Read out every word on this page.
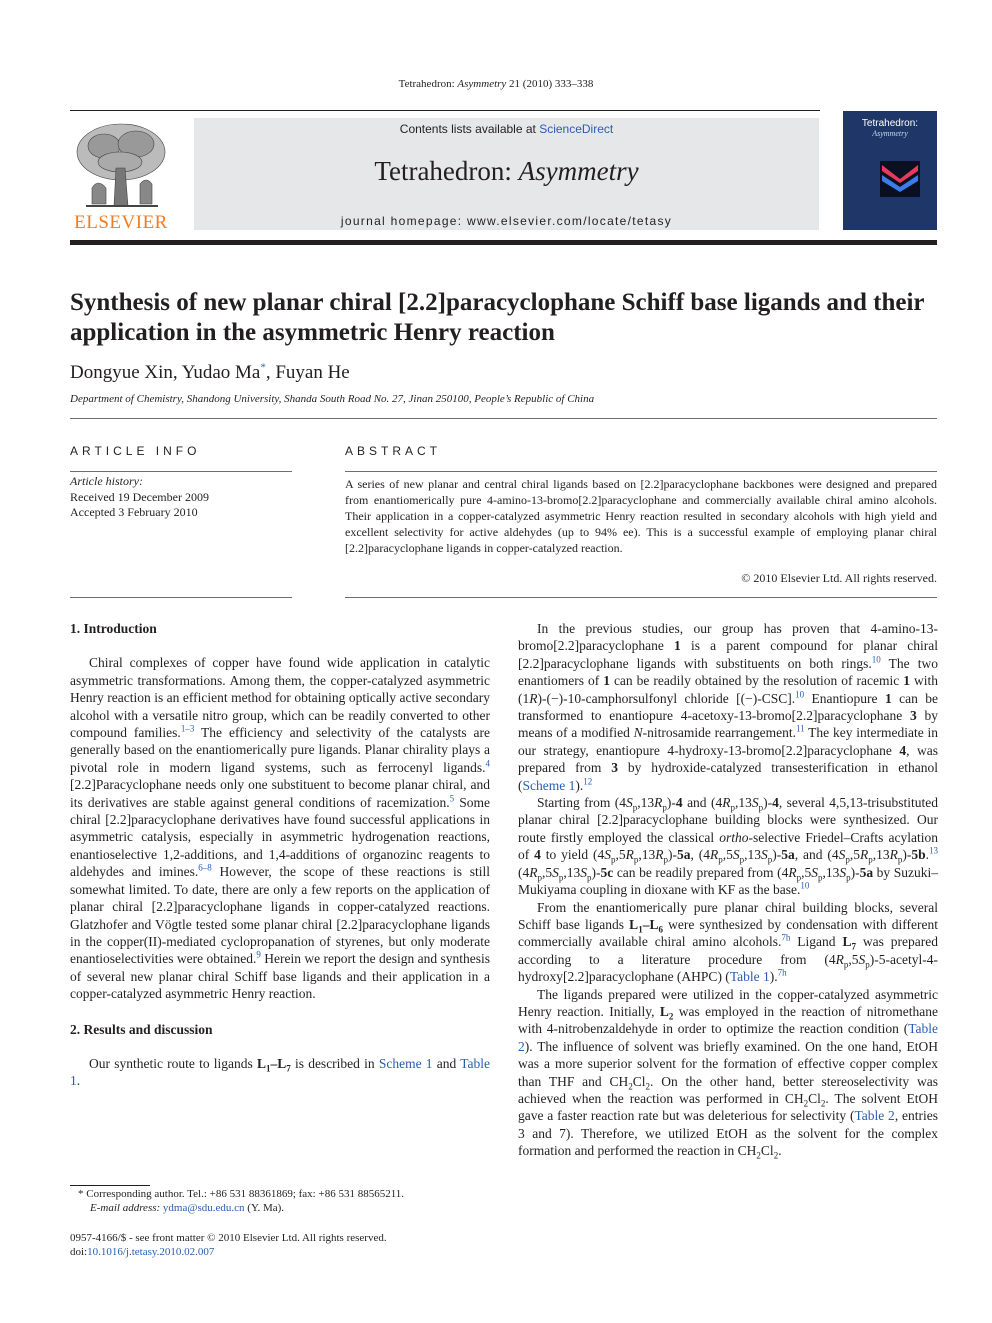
Tetrahedron: Asymmetry 21 (2010) 333–338
ELSEVIER
Contents lists available at ScienceDirect
Tetrahedron: Asymmetry
journal homepage: www.elsevier.com/locate/tetasy
Tetrahedron:
Asymmetry
Synthesis of new planar chiral [2.2]paracyclophane Schiff base ligands and their application in the asymmetric Henry reaction
Dongyue Xin, Yudao Ma*, Fuyan He
Department of Chemistry, Shandong University, Shanda South Road No. 27, Jinan 250100, People’s Republic of China
ARTICLE INFO	ABSTRACT
Article history:
Received 19 December 2009
Accepted 3 February 2010

A series of new planar and central chiral ligands based on [2.2]paracyclophane backbones were designed and prepared from enantiomerically pure 4-amino-13-bromo[2.2]paracyclophane and commercially available chiral amino alcohols. Their application in a copper-catalyzed asymmetric Henry reaction resulted in secondary alcohols with high yield and excellent selectivity for active aldehydes (up to 94% ee). This is a successful example of employing planar chiral [2.2]paracyclophane ligands in copper-catalyzed reaction.

© 2010 Elsevier Ltd. All rights reserved.
1. Introduction

Chiral complexes of copper have found wide application in catalytic asymmetric transformations. Among them, the copper-catalyzed asymmetric Henry reaction is an efficient method for obtaining optically active secondary alcohol with a versatile nitro group, which can be readily converted to other compound families.$^{1-3}$ The efficiency and selectivity of the catalysts are generally based on the enantiomerically pure ligands. Planar chirality plays a pivotal role in modern ligand systems, such as ferrocenyl ligands.$^4$ [2.2]Paracyclophane needs only one substituent to become planar chiral, and its derivatives are stable against general conditions of racemization.$^5$ Some chiral [2.2]paracyclophane derivatives have found successful applications in asymmetric catalysis, especially in asymmetric hydrogenation reactions, enantioselective 1,2-additions, and 1,4-additions of organozinc reagents to aldehydes and imines.$^{6-8}$ However, the scope of these reactions is still somewhat limited. To date, there are only a few reports on the application of planar chiral [2.2]paracyclophane ligands in copper-catalyzed reactions. Glatzhofer and Vögtle tested some planar chiral [2.2]paracyclophane ligands in the copper(II)-mediated cyclopropanation of styrenes, but only moderate enantioselectivities were obtained.$^9$ Herein we report the design and synthesis of several new planar chiral Schiff base ligands and their application in a copper-catalyzed asymmetric Henry reaction.

2. Results and discussion

Our synthetic route to ligands $L_1-L_7$ is described in Scheme 1 and Table 1.

In the previous studies, our group has proven that 4-amino-13-bromo[2.2]paracyclophane 1 is a parent compound for planar chiral [2.2]paracyclophane ligands with substituents on both rings.$^{10}$ The two enantiomers of 1 can be readily obtained by the resolution of racemic 1 with (1R)-(−)-10-camphorsulfonyl chloride [(−)-CSC].$^{10}$ Enantiopure 1 can be transformed to enantiopure 4-acetoxy-13-bromo[2.2]paracyclophane 3 by means of a modified N-nitrosamide rearrangement.$^{11}$ The key intermediate in our strategy, enantiopure 4-hydroxy-13-bromo[2.2]paracyclophane 4, was prepared from 3 by hydroxide-catalyzed transesterification in ethanol (Scheme 1).$^{12}$

Starting from $(4S_p,13R_p)-4$ and $(4R_p,13S_p)-4$, several 4,5,13-trisubstituted planar chiral [2.2]paracyclophane building blocks were synthesized. Our route firstly employed the classical ortho-selective Friedel–Crafts acylation of 4 to yield $(4S_p,5R_p,13R_p)-5a$, $(4R_p,5S_p,13S_p)-5a$, and $(4S_p,5R_p,13R_p)-5b.^{13}$ $(4R_p,5S_p,13S_p)-5c$ can be readily prepared from $(4R_p,5S_p,13S_p)-5a$ by Suzuki–Mukiyama coupling in dioxane with KF as the base.$^{10}$

From the enantiomerically pure planar chiral building blocks, several Schiff base ligands $L_1-L_6$ were synthesized by condensation with different commercially available chiral amino alcohols.$^{7h}$ Ligand $L_7$ was prepared according to a literature procedure from $(4R_p,5S_p)-5-acetyl-4-hydroxy[2.2]paracyclophane$ (AHPC) (Table 1).$^{7h}$

The ligands prepared were utilized in the copper-catalyzed asymmetric Henry reaction. Initially, $L_2$ was employed in the reaction of nitromethane with 4-nitrobenzaldehyde in order to optimize the reaction condition (Table 2). The influence of solvent was briefly examined. On the one hand, EtOH was a more superior solvent for the formation of effective copper complex than THF and $CH_2Cl_2$. On the other hand, better stereoselectivity was achieved when the reaction was performed in $CH_2Cl_2$. The solvent EtOH gave a faster reaction rate but was deleterious for selectivity (Table 2, entries 3 and 7). Therefore, we utilized EtOH as the solvent for the complex formation and performed the reaction in $CH_2Cl_2$.

* Corresponding author. Tel.: +86 531 88361869; fax: +86 531 88565211.
E-mail address: ydma@sdu.edu.cn (Y. Ma).
0957-4166/$ - see front matter © 2010 Elsevier Ltd. All rights reserved.
doi:10.1016/j.tetasy.2010.02.007
